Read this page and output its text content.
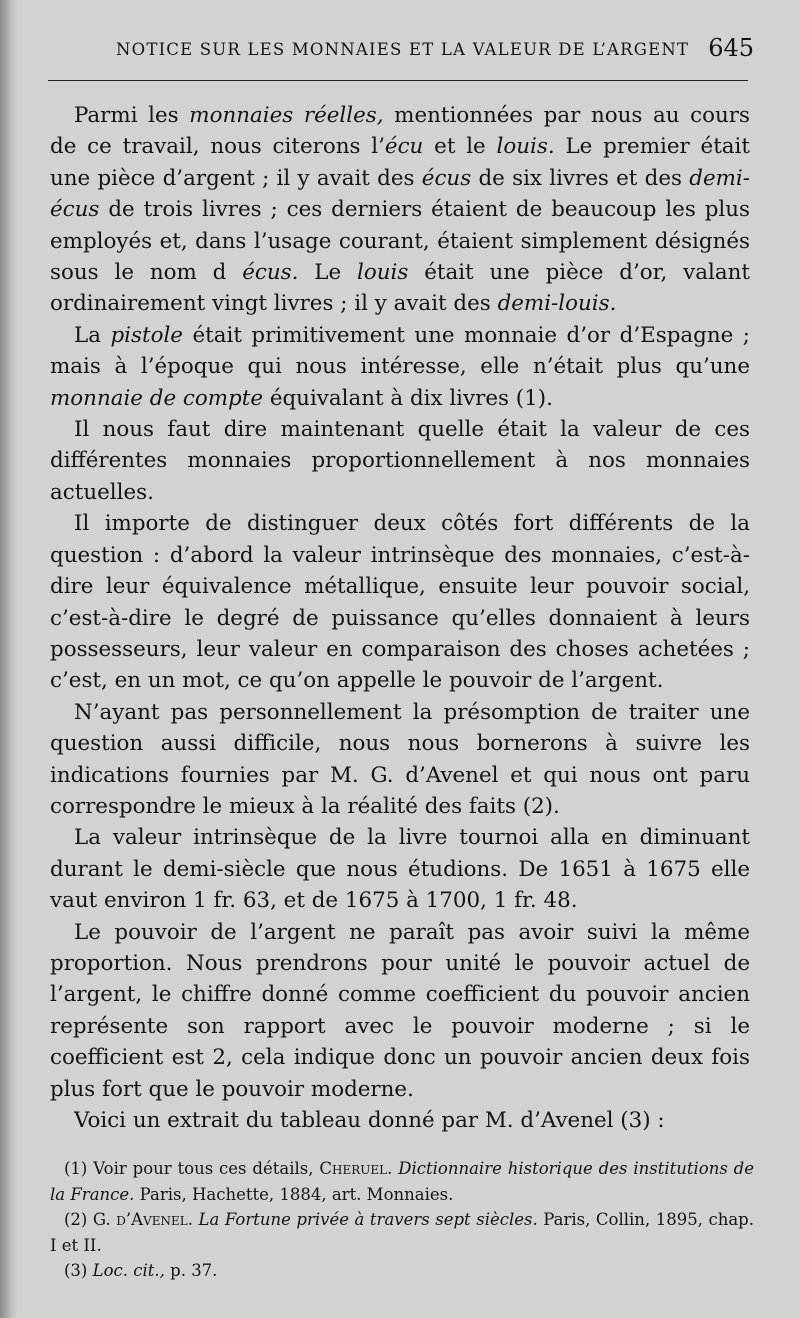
NOTICE SUR LES MONNAIES ET LA VALEUR DE L’ARGENT 645

Parmi les monnaies réelles, mentionnées par nous au cours de ce travail, nous citerons l’écu et le louis. Le premier était une pièce d’argent ; il y avait des écus de six livres et des demi-écus de trois livres ; ces derniers étaient de beaucoup les plus employés et, dans l’usage courant, étaient simplement désignés sous le nom d écus. Le louis était une pièce d’or, valant ordinairement vingt livres ; il y avait des demi-louis.

La pistole était primitivement une monnaie d’or d’Espagne ; mais à l’époque qui nous intéresse, elle n’était plus qu’une monnaie de compte équivalant à dix livres (1).

Il nous faut dire maintenant quelle était la valeur de ces différentes monnaies proportionnellement à nos monnaies actuelles.

Il importe de distinguer deux côtés fort différents de la question : d’abord la valeur intrinsèque des monnaies, c’est-à-dire leur équivalence métallique, ensuite leur pouvoir social, c’est-à-dire le degré de puissance qu’elles donnaient à leurs possesseurs, leur valeur en comparaison des choses achetées ; c’est, en un mot, ce qu’on appelle le pouvoir de l’argent.

N’ayant pas personnellement la présomption de traiter une question aussi difficile, nous nous bornerons à suivre les indications fournies par M. G. d’Avenel et qui nous ont paru correspondre le mieux à la réalité des faits (2).

La valeur intrinsèque de la livre tournoi alla en diminuant durant le demi-siècle que nous étudions. De 1651 à 1675 elle vaut environ 1 fr. 63, et de 1675 à 1700, 1 fr. 48.

Le pouvoir de l’argent ne paraît pas avoir suivi la même proportion. Nous prendrons pour unité le pouvoir actuel de l’argent, le chiffre donné comme coefficient du pouvoir ancien représente son rapport avec le pouvoir moderne ; si le coefficient est 2, cela indique donc un pouvoir ancien deux fois plus fort que le pouvoir moderne.

Voici un extrait du tableau donné par M. d’Avenel (3) :

(1) Voir pour tous ces détails, Cheruel. Dictionnaire historique des institutions de la France. Paris, Hachette, 1884, art. Monnaies.

(2) G. d’Avenel. La Fortune privée à travers sept siècles. Paris, Collin, 1895, chap. I et II.

(3) Loc. cit., p. 37.
